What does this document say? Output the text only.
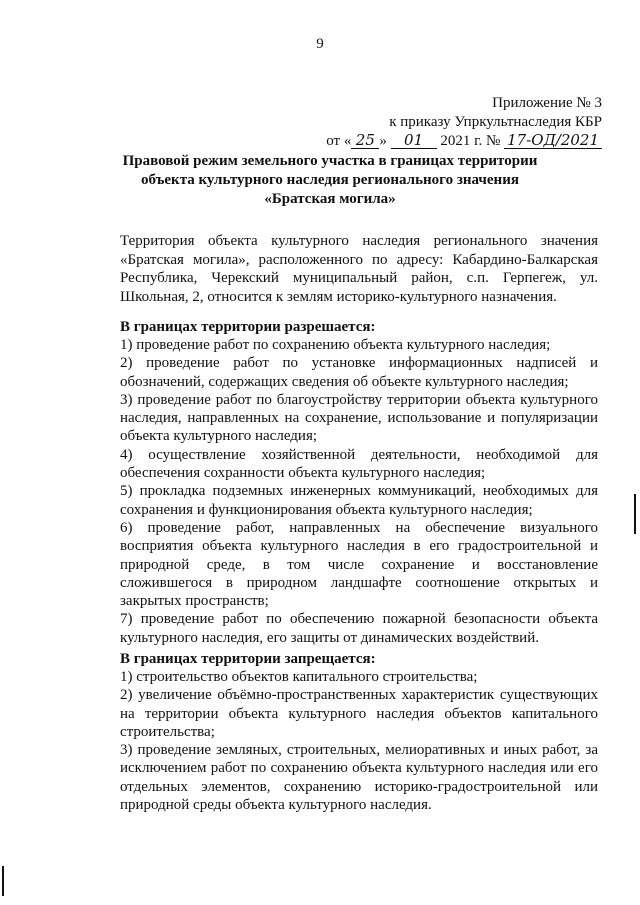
9
Приложение № 3
к приказу Упркультнаследия КБР
от « 25 » 01 2021 г. № 17-ОД/2021
Правовой режим земельного участка в границах территории
объекта культурного наследия регионального значения
«Братская могила»
Территория объекта культурного наследия регионального значения «Братская могила», расположенного по адресу: Кабардино-Балкарская Республика, Черекский муниципальный район, с.п. Герпегеж, ул. Школьная, 2, относится к землям историко-культурного назначения.
В границах территории разрешается:

1) проведение работ по сохранению объекта культурного наследия;

2) проведение работ по установке информационных надписей и обозначений, содержащих сведения об объекте культурного наследия;

3) проведение работ по благоустройству территории объекта культурного наследия, направленных на сохранение, использование и популяризации объекта культурного наследия;

4) осуществление хозяйственной деятельности, необходимой для обеспечения сохранности объекта культурного наследия;

5) прокладка подземных инженерных коммуникаций, необходимых для сохранения и функционирования объекта культурного наследия;

6) проведение работ, направленных на обеспечение визуального восприятия объекта культурного наследия в его градостроительной и природной среде, в том числе сохранение и восстановление сложившегося в природном ландшафте соотношение открытых и закрытых пространств;

7) проведение работ по обеспечению пожарной безопасности объекта культурного наследия, его защиты от динамических воздействий.

В границах территории запрещается:

1) строительство объектов капитального строительства;

2) увеличение объёмно-пространственных характеристик существующих на территории объекта культурного наследия объектов капитального строительства;

3) проведение земляных, строительных, мелиоративных и иных работ, за исключением работ по сохранению объекта культурного наследия или его отдельных элементов, сохранению историко-градостроительной или природной среды объекта культурного наследия.
